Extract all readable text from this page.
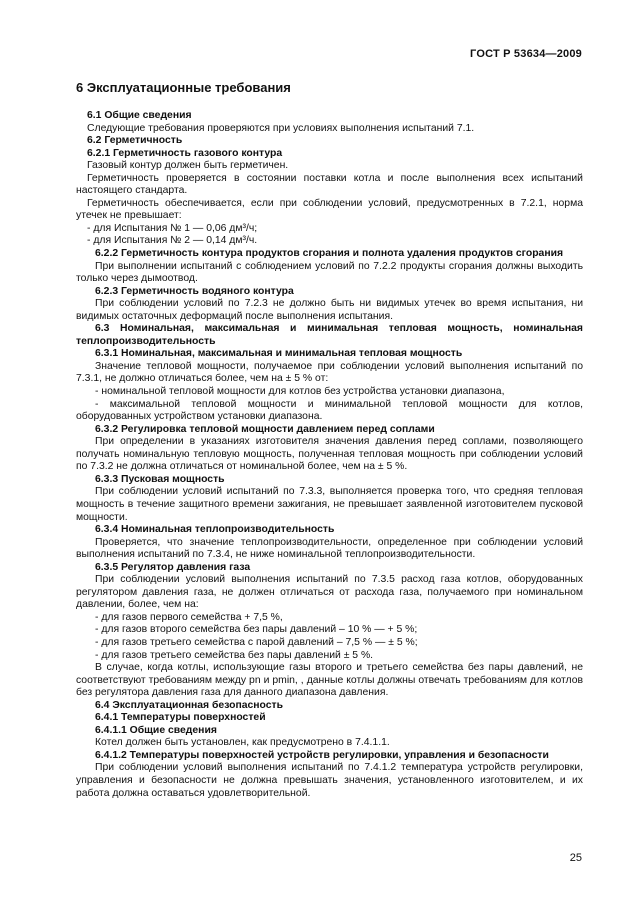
ГОСТ Р 53634—2009
6 Эксплуатационные требования

6.1 Общие сведения

Следующие требования проверяются при условиях выполнения испытаний 7.1.

6.2 Герметичность

6.2.1 Герметичность газового контура

Газовый контур должен быть герметичен.

Герметичность проверяется в состоянии поставки котла и после выполнения всех испытаний настоящего стандарта.

Герметичность обеспечивается, если при соблюдении условий, предусмотренных в 7.2.1, норма утечек не превышает:

- для Испытания № 1 — 0,06 дм³/ч;

- для Испытания № 2 — 0,14 дм³/ч.

6.2.2 Герметичность контура продуктов сгорания и полнота удаления продуктов сгорания

При выполнении испытаний с соблюдением условий по 7.2.2 продукты сгорания должны выходить только через дымоотвод.

6.2.3 Герметичность водяного контура

При соблюдении условий по 7.2.3 не должно быть ни видимых утечек во время испытания, ни видимых остаточных деформаций после выполнения испытания.

6.3 Номинальная, максимальная и минимальная тепловая мощность, номинальная теплопроизводительность

6.3.1 Номинальная, максимальная и минимальная тепловая мощность

Значение тепловой мощности, получаемое при соблюдении условий выполнения испытаний по 7.3.1, не должно отличаться более, чем на ± 5 % от:

- номинальной тепловой мощности для котлов без устройства установки диапазона,

- максимальной тепловой мощности и минимальной тепловой мощности для котлов, оборудованных устройством установки диапазона.

6.3.2 Регулировка тепловой мощности давлением перед соплами

При определении в указаниях изготовителя значения давления перед соплами, позволяющего получать номинальную тепловую мощность, полученная тепловая мощность при соблюдении условий по 7.3.2 не должна отличаться от номинальной более, чем на ± 5 %.

6.3.3 Пусковая мощность

При соблюдении условий испытаний по 7.3.3, выполняется проверка того, что средняя тепловая мощность в течение защитного времени зажигания, не превышает заявленной изготовителем пусковой мощности.

6.3.4 Номинальная теплопроизводительность

Проверяется, что значение теплопроизводительности, определенное при соблюдении условий выполнения испытаний по 7.3.4, не ниже номинальной теплопроизводительности.

6.3.5 Регулятор давления газа

При соблюдении условий выполнения испытаний по 7.3.5 расход газа котлов, оборудованных регулятором давления газа, не должен отличаться от расхода газа, получаемого при номинальном давлении, более, чем на:

- для газов первого семейства + 7,5 %,

- для газов второго семейства без пары давлений – 10 % — + 5 %;

- для газов третьего семейства с парой давлений – 7,5 % — ± 5 %;

- для газов третьего семейства без пары давлений ± 5 %.

В случае, когда котлы, использующие газы второго и третьего семейства без пары давлений, не соответствуют требованиям между pn и pmin, , данные котлы должны отвечать требованиям для котлов без регулятора давления газа для данного диапазона давления.

6.4 Эксплуатационная безопасность

6.4.1 Температуры поверхностей

6.4.1.1 Общие сведения

Котел должен быть установлен, как предусмотрено в 7.4.1.1.

6.4.1.2 Температуры поверхностей устройств регулировки, управления и безопасности

При соблюдении условий выполнения испытаний по 7.4.1.2 температура устройств регулировки, управления и безопасности не должна превышать значения, установленного изготовителем, и их работа должна оставаться удовлетворительной.

25
